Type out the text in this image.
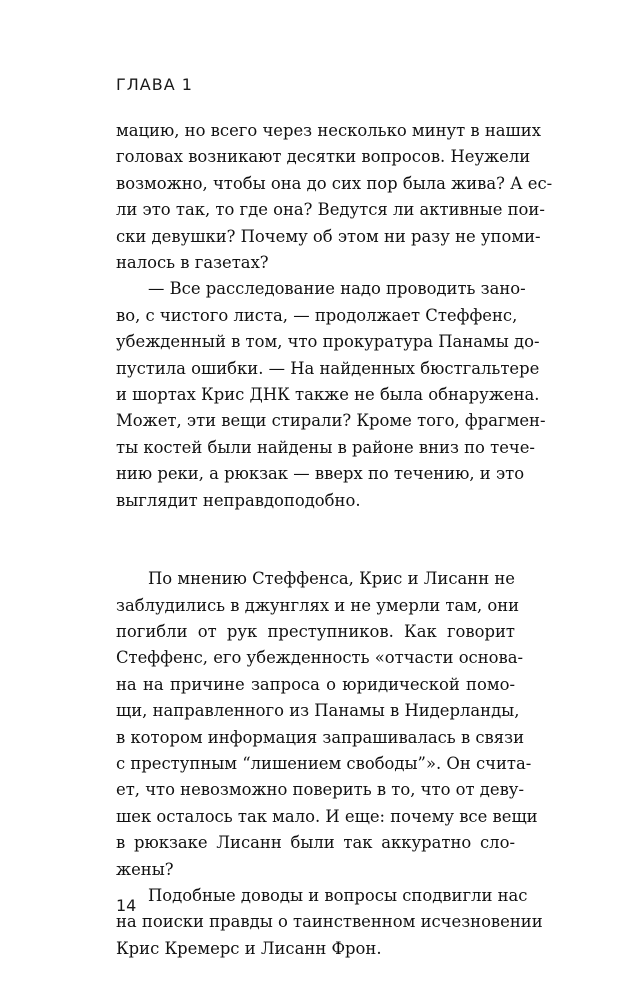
ГЛАВА 1

мацию, но всего через несколько минут в наших
головах возникают десятки вопросов. Неужели
возможно, чтобы она до сих пор была жива? А ес-
ли это так, то где она? Ведутся ли активные пои-
ски девушки? Почему об этом ни разу не упоми-
налось в газетах?

— Все расследование надо проводить зано-
во, с чистого листа, — продолжает Стеффенс,
убежденный в том, что прокуратура Панамы до-
пустила ошибки. — На найденных бюстгальтере
и шортах Крис ДНК также не была обнаружена.
Может, эти вещи стирали? Кроме того, фрагмен-
ты костей были найдены в районе вниз по тече-
нию реки, а рюкзак — вверх по течению, и это
выглядит неправдоподобно.

По мнению Стеффенса, Крис и Лисанн не
заблудились в джунглях и не умерли там, они
погибли от рук преступников. Как говорит
Стеффенс, его убежденность «отчасти основа-
на на причине запроса о юридической помо-
щи, направленного из Панамы в Нидерланды,
в котором информация запрашивалась в связи
с преступным “лишением свободы”». Он считa-
ет, что невозможно поверить в то, что от деву-
шек осталось так мало. И еще: почему все вещи
в рюкзаке Лисанн были так аккуратно сло-
жены?

Подобные доводы и вопросы сподвигли нас
на поиски правды о таинственном исчезновении
Крис Кремерс и Лисанн Фрон.

14
